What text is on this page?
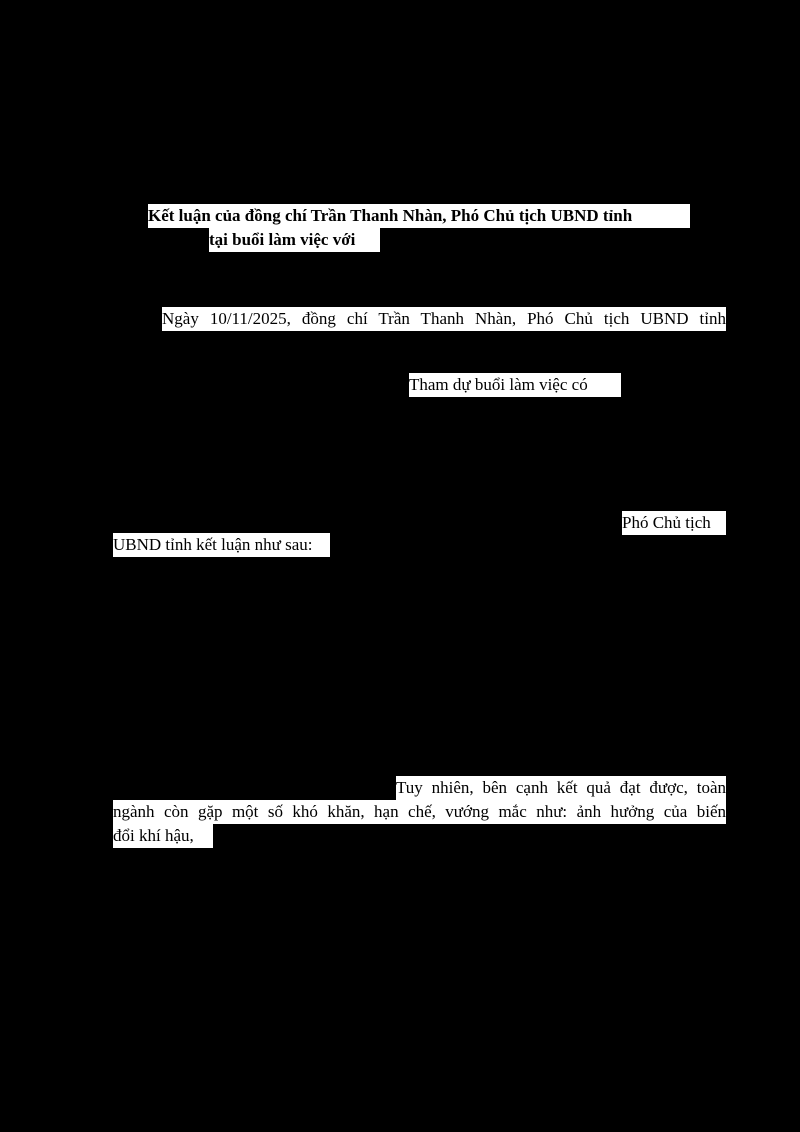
Kết luận của đồng chí Trần Thanh Nhàn, Phó Chủ tịch UBND tỉnh
tại buổi làm việc với
Ngày 10/11/2025, đồng chí Trần Thanh Nhàn, Phó Chủ tịch UBND tỉnh
Tham dự buổi làm việc có
Phó Chủ tịch
UBND tỉnh kết luận như sau:
Tuy nhiên, bên cạnh kết quả đạt được, toàn
ngành còn gặp một số khó khăn, hạn chế, vướng mắc như: ảnh hưởng của biến
đổi khí hậu,
